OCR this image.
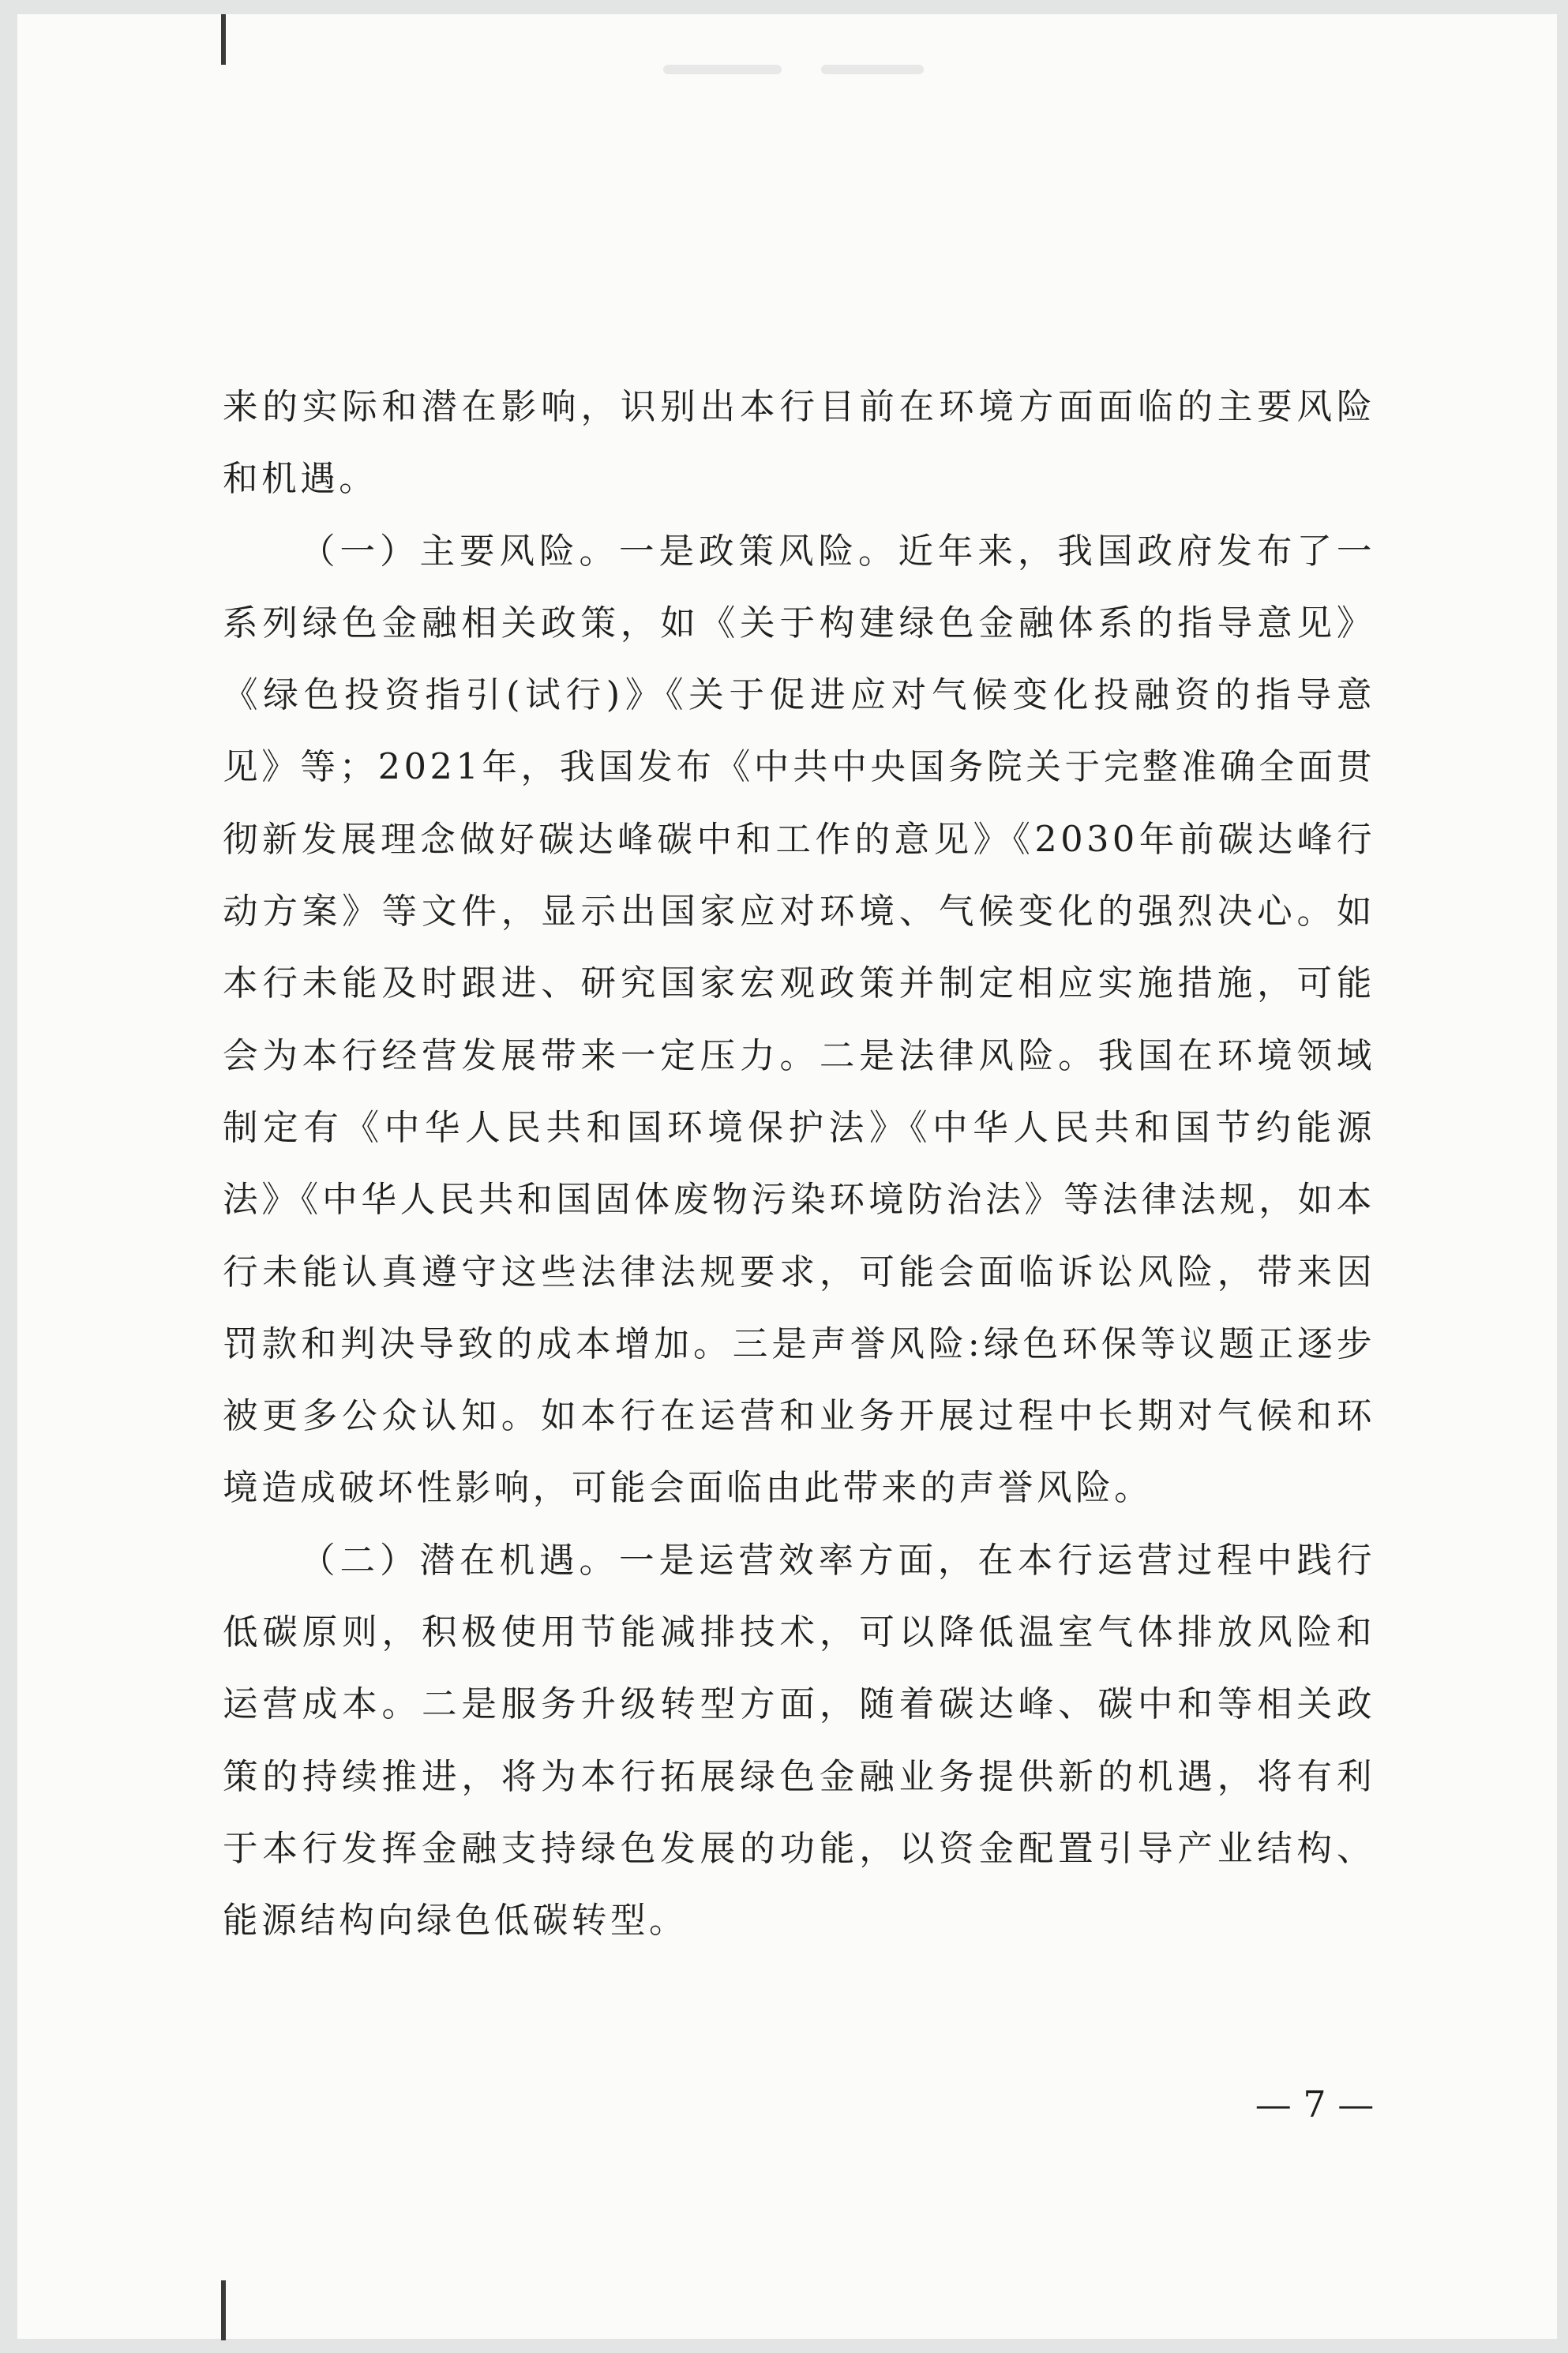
来的实际和潜在影响，识别出本行目前在环境方面面临的主要风险和机遇。

（一）主要风险。一是政策风险。近年来，我国政府发布了一系列绿色金融相关政策，如《关于构建绿色金融体系的指导意见》《绿色投资指引(试行)》《关于促进应对气候变化投融资的指导意见》等；2021年，我国发布《中共中央国务院关于完整准确全面贯彻新发展理念做好碳达峰碳中和工作的意见》《2030年前碳达峰行动方案》等文件，显示出国家应对环境、气候变化的强烈决心。如本行未能及时跟进、研究国家宏观政策并制定相应实施措施，可能会为本行经营发展带来一定压力。二是法律风险。我国在环境领域制定有《中华人民共和国环境保护法》《中华人民共和国节约能源法》《中华人民共和国固体废物污染环境防治法》等法律法规，如本行未能认真遵守这些法律法规要求，可能会面临诉讼风险，带来因罚款和判决导致的成本增加。三是声誉风险:绿色环保等议题正逐步被更多公众认知。如本行在运营和业务开展过程中长期对气候和环境造成破坏性影响，可能会面临由此带来的声誉风险。

（二）潜在机遇。一是运营效率方面，在本行运营过程中践行低碳原则，积极使用节能减排技术，可以降低温室气体排放风险和运营成本。二是服务升级转型方面，随着碳达峰、碳中和等相关政策的持续推进，将为本行拓展绿色金融业务提供新的机遇，将有利于本行发挥金融支持绿色发展的功能，以资金配置引导产业结构、能源结构向绿色低碳转型。

— 7 —
